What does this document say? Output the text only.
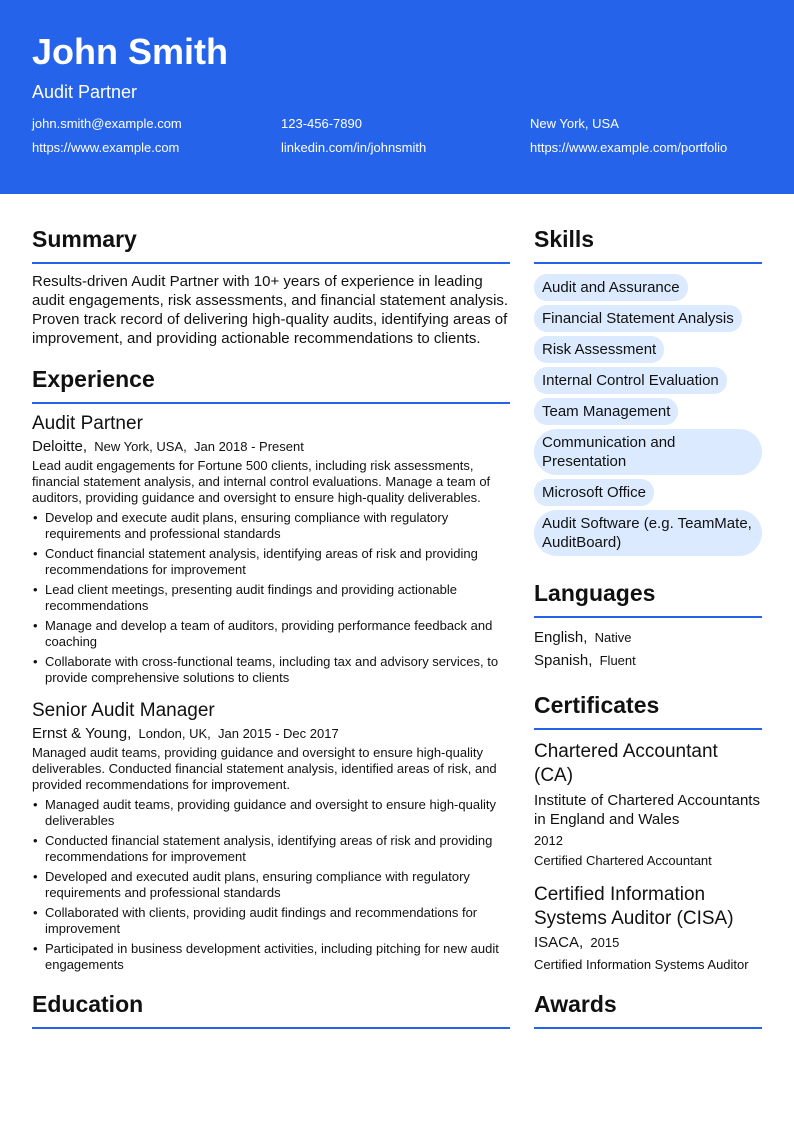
John Smith
Audit Partner
john.smith@example.com	123-456-7890	New York, USA
https://www.example.com	linkedin.com/in/johnsmith	https://www.example.com/portfolio
Summary
Results-driven Audit Partner with 10+ years of experience in leading audit engagements, risk assessments, and financial statement analysis. Proven track record of delivering high-quality audits, identifying areas of improvement, and providing actionable recommendations to clients.
Experience
Audit Partner
Deloitte, New York, USA, Jan 2018 - Present
Lead audit engagements for Fortune 500 clients, including risk assessments, financial statement analysis, and internal control evaluations. Manage a team of auditors, providing guidance and oversight to ensure high-quality deliverables.
• Develop and execute audit plans, ensuring compliance with regulatory requirements and professional standards
• Conduct financial statement analysis, identifying areas of risk and providing recommendations for improvement
• Lead client meetings, presenting audit findings and providing actionable recommendations
• Manage and develop a team of auditors, providing performance feedback and coaching
• Collaborate with cross-functional teams, including tax and advisory services, to provide comprehensive solutions to clients
Senior Audit Manager
Ernst & Young, London, UK, Jan 2015 - Dec 2017
Managed audit teams, providing guidance and oversight to ensure high-quality deliverables. Conducted financial statement analysis, identified areas of risk, and provided recommendations for improvement.
• Managed audit teams, providing guidance and oversight to ensure high-quality deliverables
• Conducted financial statement analysis, identifying areas of risk and providing recommendations for improvement
• Developed and executed audit plans, ensuring compliance with regulatory requirements and professional standards
• Collaborated with clients, providing audit findings and recommendations for improvement
• Participated in business development activities, including pitching for new audit engagements
Education
Skills
Audit and Assurance
Financial Statement Analysis
Risk Assessment
Internal Control Evaluation
Team Management
Communication and Presentation
Microsoft Office
Audit Software (e.g. TeamMate, AuditBoard)
Languages
English, Native
Spanish, Fluent
Certificates
Chartered Accountant (CA)
Institute of Chartered Accountants in England and Wales
2012
Certified Chartered Accountant
Certified Information Systems Auditor (CISA)
ISACA, 2015
Certified Information Systems Auditor
Awards
